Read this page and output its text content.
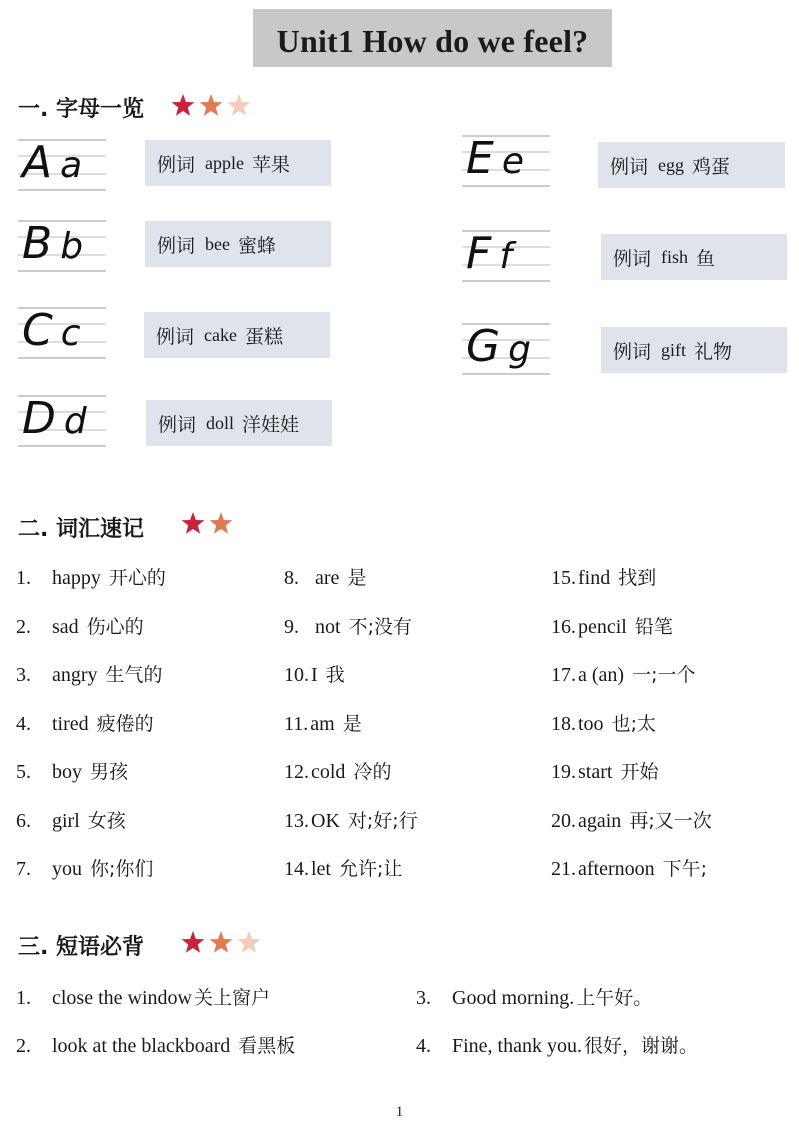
Unit1 How do we feel?
一. 字母一览
二. 词汇速记
三. 短语必背
A a	例词 apple 苹果
B b	例词 bee 蜜蜂
C c	例词 cake 蛋糕
D d	例词 doll 洋娃娃
E e	例词 egg 鸡蛋
F f	例词 fish 鱼
G g	例词 gift 礼物
1. happy 开心的
2. sad 伤心的
3. angry 生气的
4. tired 疲倦的
5. boy 男孩
6. girl 女孩
7. you 你;你们
8. are 是
9. not 不;没有
10. I 我
11. am 是
12. cold 冷的
13. OK 对;好;行
14. let 允许;让
15. find 找到
16. pencil 铅笔
17. a (an) 一;一个
18. too 也;太
19. start 开始
20. again 再;又一次
21. afternoon 下午;
1. close the window 关上窗户
2. look at the blackboard 看黑板
3. Good morning. 上午好。
4. Fine, thank you. 很好，谢谢。
1
